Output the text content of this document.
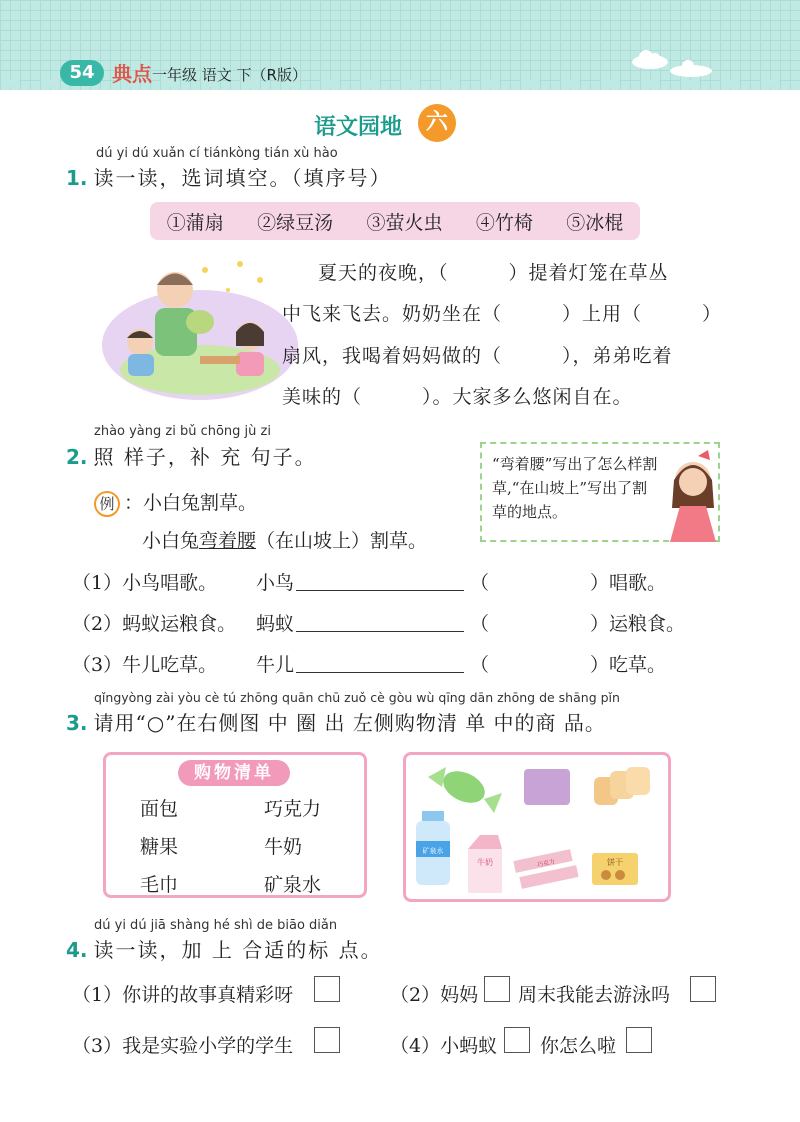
54 典点 一年级 语文 下（R版）
语文园地	六
dú yi dú xuǎn cí tiánkòng tián xù hào
1. 读一读，选词填空。（填序号）
①蒲扇 ②绿豆汤 ③萤火虫 ④竹椅 ⑤冰棍
夏天的夜晚，（　　　）提着灯笼在草丛
中飞来飞去。奶奶坐在（　　　）上用（　　　）
扇风，我喝着妈妈做的（　　　），弟弟吃着
美味的（　　　）。大家多么悠闲自在。
zhào yàng zi bǔ chōng jù zi
2. 照 样子，补 充 句子。	“弯着腰”写出了怎么样割草,“在山坡上”写出了割草的地点。
例 ：小白兔割草。
小白兔弯着腰（在山坡上）割草。
（1）小鸟唱歌。 小鸟	（	）唱歌。
（2）蚂蚁运粮食。 蚂蚁	（	）运粮食。
（3）牛儿吃草。 牛儿	（	）吃草。
qǐngyòng zài yòu cè tú zhōng quān chū zuǒ cè gòu wù qīng dān zhōng de shāng pǐn
3. 请用“○”在右侧图 中 圈 出 左侧购物清 单 中的商 品。
购物清单
面包	巧克力
糖果	牛奶
毛巾	矿泉水
矿泉水
牛奶	巧克力	饼干
dú yi dú jiā shàng hé shì de biāo diǎn
4. 读一读，加 上 合适的标 点。
（1）你讲的故事真精彩呀	（2）妈妈 周末我能去游泳吗
（3）我是实验小学的学生	（4）小蚂蚁 你怎么啦
